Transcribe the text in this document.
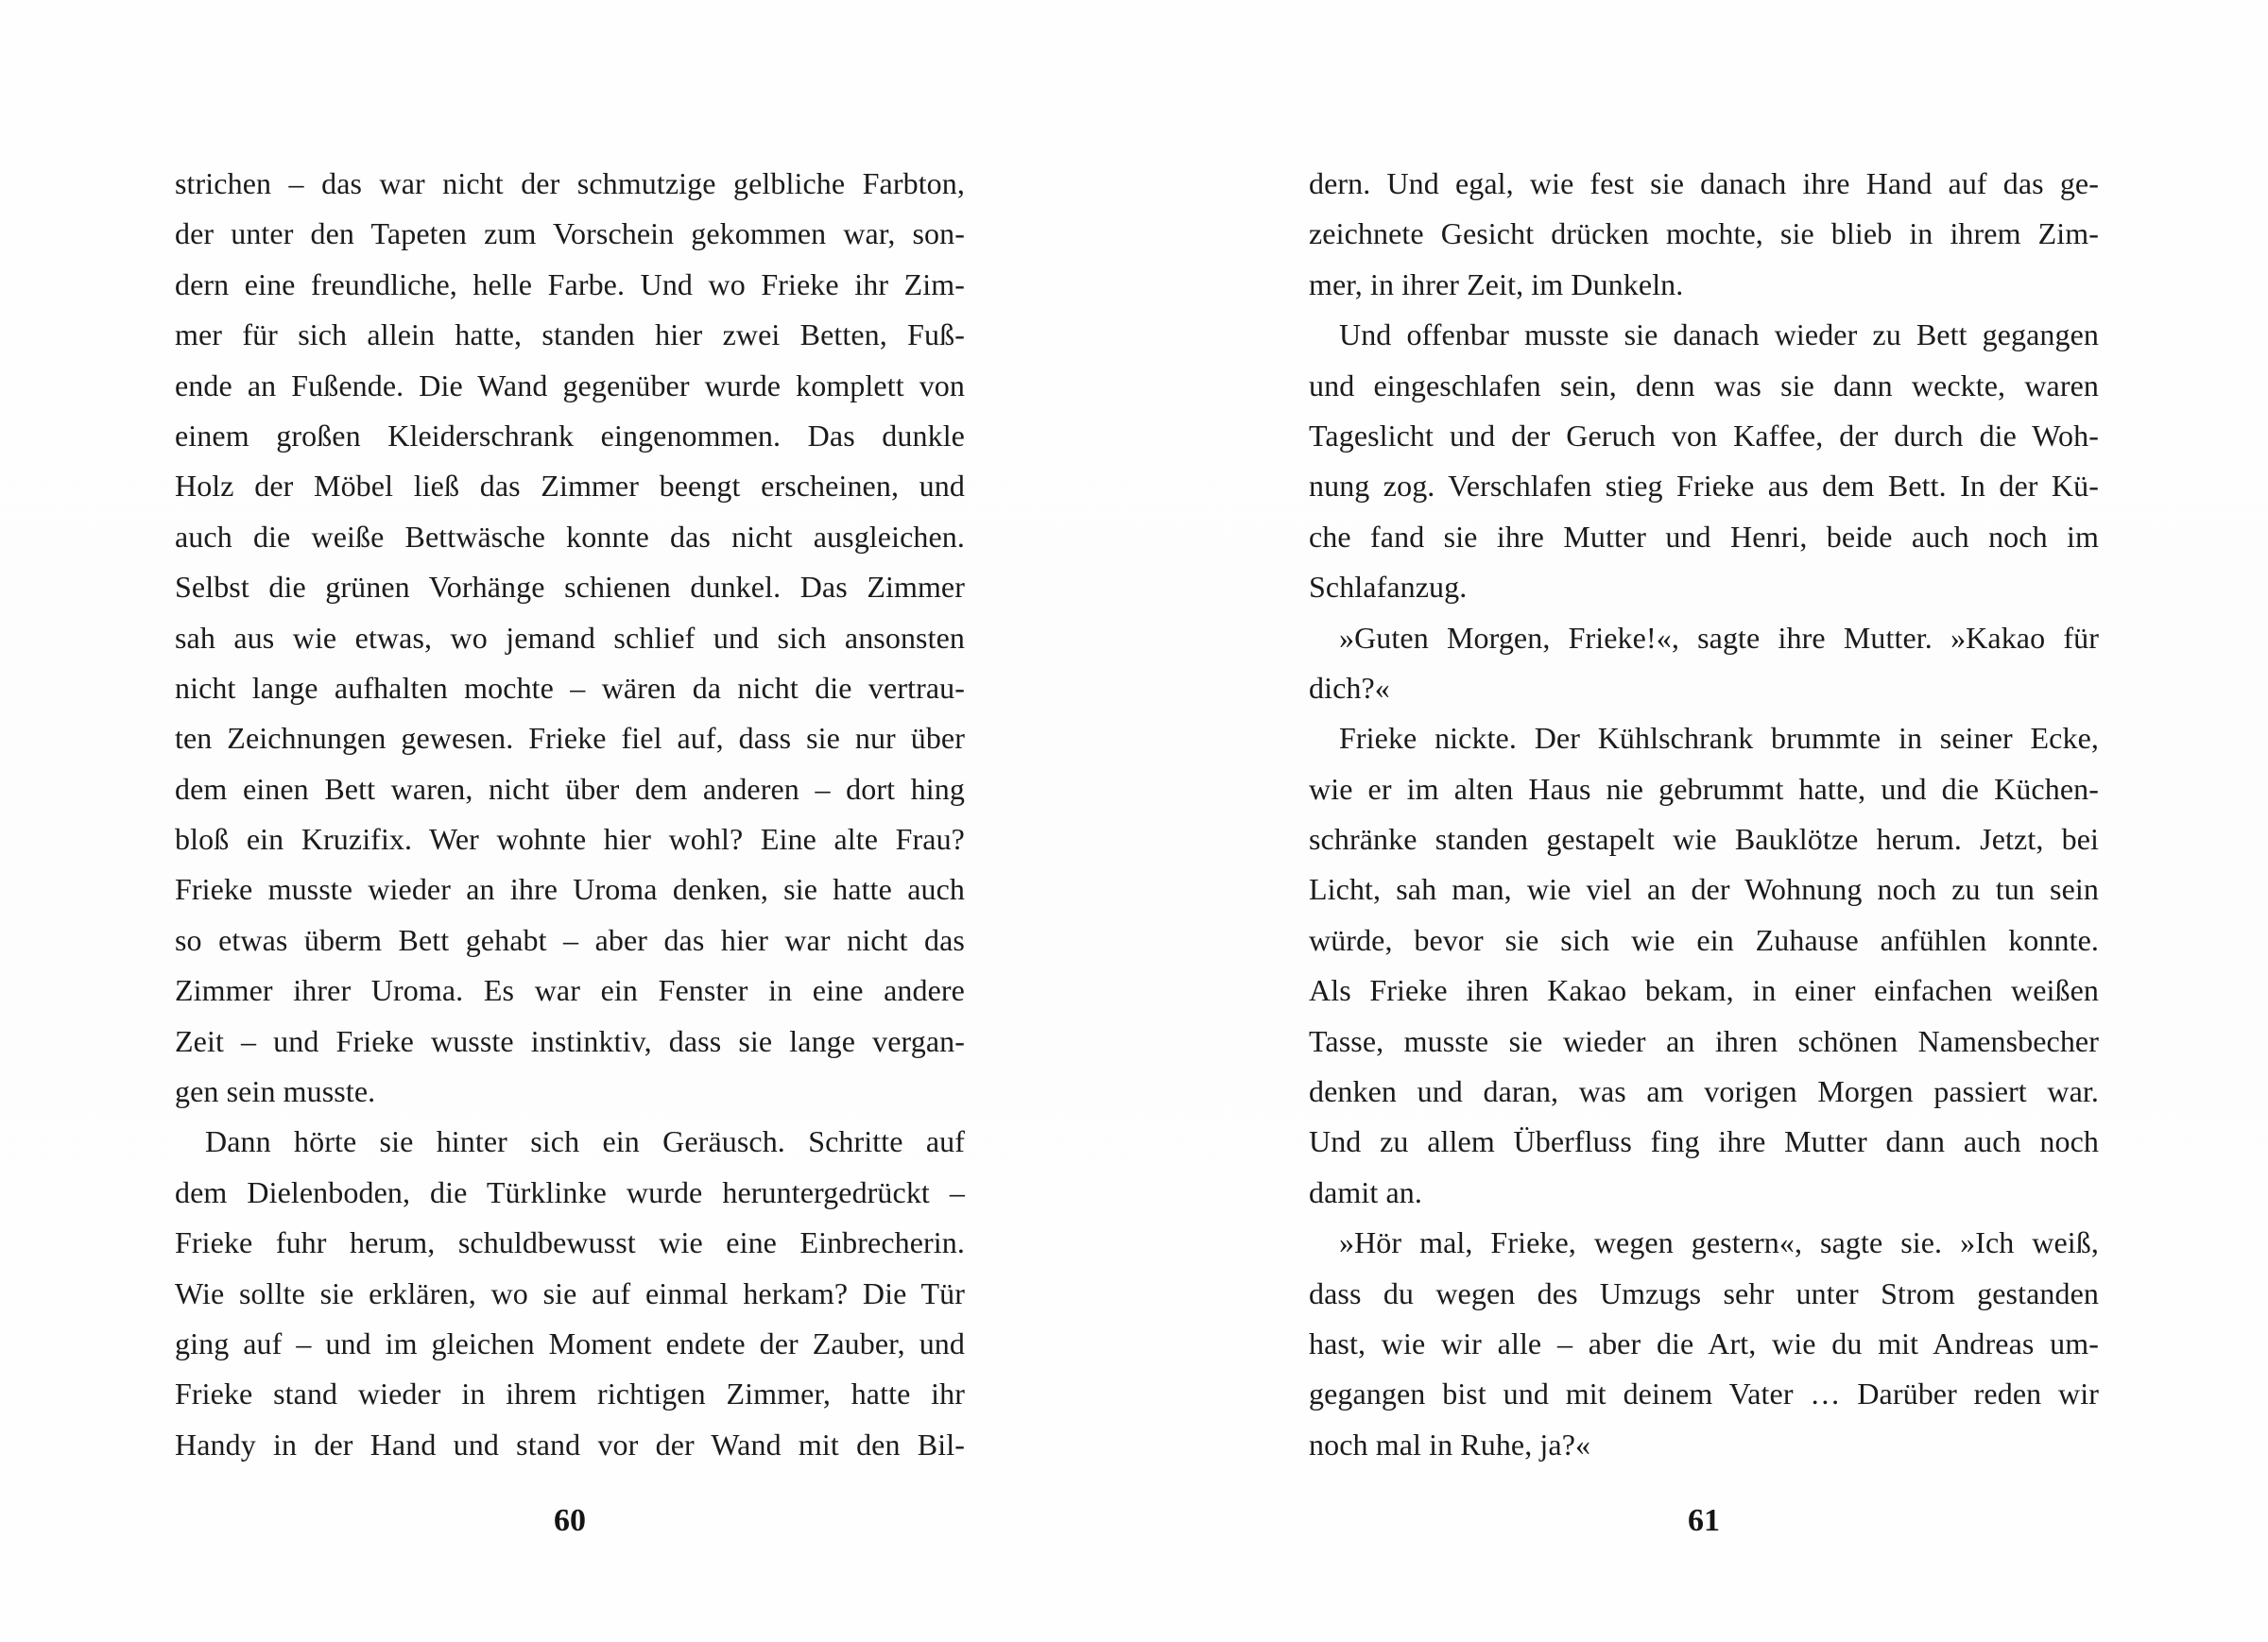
strichen – das war nicht der schmutzige gelbliche Farbton,
der unter den Tapeten zum Vorschein gekommen war, son-
dern eine freundliche, helle Farbe. Und wo Frieke ihr Zim-
mer für sich allein hatte, standen hier zwei Betten, Fuß-
ende an Fußende. Die Wand gegenüber wurde komplett von
einem großen Kleiderschrank eingenommen. Das dunkle
Holz der Möbel ließ das Zimmer beengt erscheinen, und
auch die weiße Bettwäsche konnte das nicht ausgleichen.
Selbst die grünen Vorhänge schienen dunkel. Das Zimmer
sah aus wie etwas, wo jemand schlief und sich ansonsten
nicht lange aufhalten mochte – wären da nicht die vertrau-
ten Zeichnungen gewesen. Frieke fiel auf, dass sie nur über
dem einen Bett waren, nicht über dem anderen – dort hing
bloß ein Kruzifix. Wer wohnte hier wohl? Eine alte Frau?
Frieke musste wieder an ihre Uroma denken, sie hatte auch
so etwas überm Bett gehabt – aber das hier war nicht das
Zimmer ihrer Uroma. Es war ein Fenster in eine andere
Zeit – und Frieke wusste instinktiv, dass sie lange vergan-
gen sein musste.
Dann hörte sie hinter sich ein Geräusch. Schritte auf
dem Dielenboden, die Türklinke wurde heruntergedrückt –
Frieke fuhr herum, schuldbewusst wie eine Einbrecherin.
Wie sollte sie erklären, wo sie auf einmal herkam? Die Tür
ging auf – und im gleichen Moment endete der Zauber, und
Frieke stand wieder in ihrem richtigen Zimmer, hatte ihr
Handy in der Hand und stand vor der Wand mit den Bil-
60
dern. Und egal, wie fest sie danach ihre Hand auf das ge-
zeichnete Gesicht drücken mochte, sie blieb in ihrem Zim-
mer, in ihrer Zeit, im Dunkeln.
Und offenbar musste sie danach wieder zu Bett gegangen
und eingeschlafen sein, denn was sie dann weckte, waren
Tageslicht und der Geruch von Kaffee, der durch die Woh-
nung zog. Verschlafen stieg Frieke aus dem Bett. In der Kü-
che fand sie ihre Mutter und Henri, beide auch noch im
Schlafanzug.
»Guten Morgen, Frieke!«, sagte ihre Mutter. »Kakao für
dich?«
Frieke nickte. Der Kühlschrank brummte in seiner Ecke,
wie er im alten Haus nie gebrummt hatte, und die Küchen-
schränke standen gestapelt wie Bauklötze herum. Jetzt, bei
Licht, sah man, wie viel an der Wohnung noch zu tun sein
würde, bevor sie sich wie ein Zuhause anfühlen konnte.
Als Frieke ihren Kakao bekam, in einer einfachen weißen
Tasse, musste sie wieder an ihren schönen Namensbecher
denken und daran, was am vorigen Morgen passiert war.
Und zu allem Überfluss fing ihre Mutter dann auch noch
damit an.
»Hör mal, Frieke, wegen gestern«, sagte sie. »Ich weiß,
dass du wegen des Umzugs sehr unter Strom gestanden
hast, wie wir alle – aber die Art, wie du mit Andreas um-
gegangen bist und mit deinem Vater … Darüber reden wir
noch mal in Ruhe, ja?«
61
